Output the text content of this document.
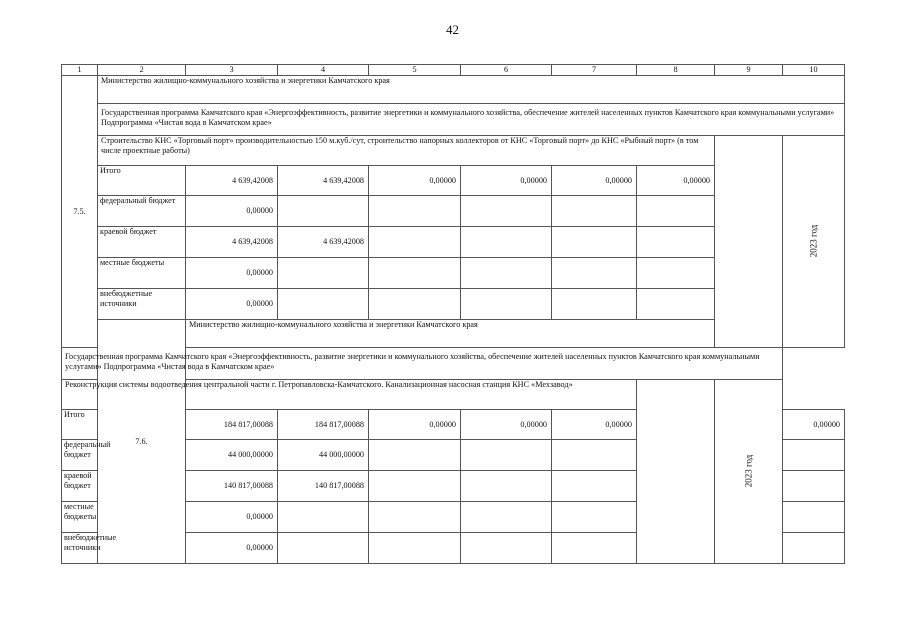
42
1	2	3	4	5	6	7	8	9	10
7.5.	Министерство жилищно-коммунального хозяйства и энергетики Камчатского края								
	Государственная программа Камчатского края «Энергоэффективность, развитие энергетики и коммунального хозяйства, обеспечение жителей населенных пунктов Камчатского края коммунальными услугами» Подпрограмма «Чистая вода в Камчатском крае»								
	Строительство КНС «Торговый порт» производительностью 150 м.куб./сут, строительство напорных коллекторов от КНС «Торговый порт» до КНС «Рыбный порт» (в том числе проектные работы)								2023 год
	Итого	4 639,42008	4 639,42008	0,00000	0,00000	0,00000	0,00000		
	федеральный бюджет	0,00000							
	краевой бюджет	4 639,42008	4 639,42008						
	местные бюджеты	0,00000							
	внебюджетные источники	0,00000							
	7.6.	Министерство жилищно-коммунального хозяйства и энергетики Камчатского края							
Государственная программа Камчатского края «Энергоэффективность, развитие энергетики и коммунального хозяйства, обеспечение жителей населенных пунктов Камчатского края коммунальными услугами» Подпрограмма «Чистая вода в Камчатском крае»									
Реконструкция системы водоотведения центральной части г. Петропавловска-Камчатского. Канализационная насосная станция КНС «Мехзавод»								2023 год	
Итого		184 817,00088	184 817,00088	0,00000	0,00000	0,00000			0,00000
федеральный бюджет		44 000,00000	44 000,00000						
краевой бюджет		140 817,00088	140 817,00088						
местные бюджеты		0,00000							
внебюджетные источники		0,00000							
